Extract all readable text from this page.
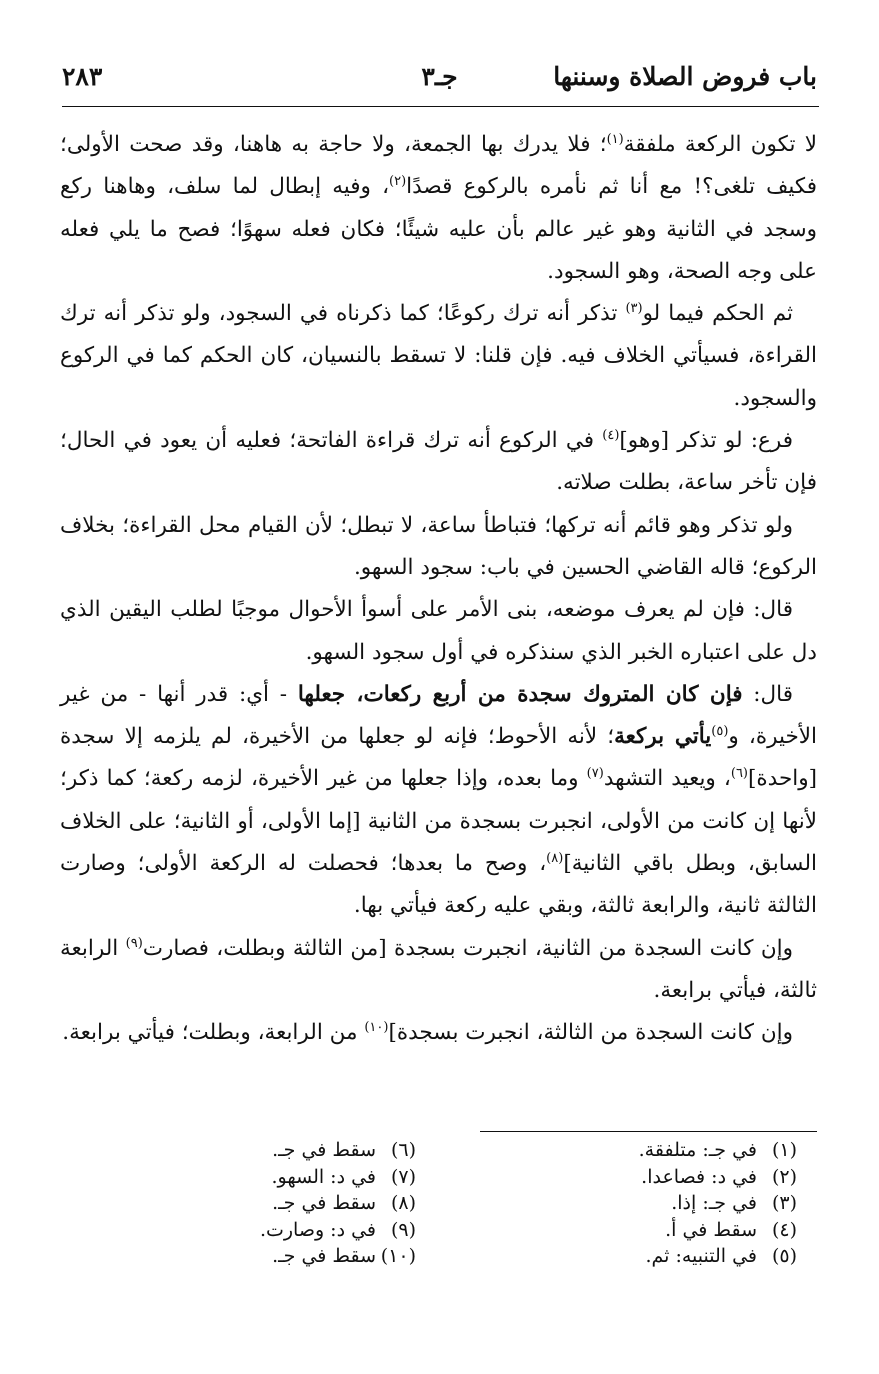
باب فروض الصلاة وسننها
جـ٣
٢٨٣

لا تكون الركعة ملفقة$^{(١)}$؛ فلا يدرك بها الجمعة، ولا حاجة به هاهنا، وقد صحت الأولى؛ فكيف تلغى؟! مع أنا ثم نأمره بالركوع قصدًا$^{(٢)}$، وفيه إبطال لما سلف، وهاهنا ركع وسجد في الثانية وهو غير عالم بأن عليه شيئًا؛ فكان فعله سهوًا؛ فصح ما يلي فعله على وجه الصحة، وهو السجود.

ثم الحكم فيما لو$^{(٣)}$ تذكر أنه ترك ركوعًا؛ كما ذكرناه في السجود، ولو تذكر أنه ترك القراءة، فسيأتي الخلاف فيه. فإن قلنا: لا تسقط بالنسيان، كان الحكم كما في الركوع والسجود.

فرع: لو تذكر [وهو]$^{(٤)}$ في الركوع أنه ترك قراءة الفاتحة؛ فعليه أن يعود في الحال؛ فإن تأخر ساعة، بطلت صلاته.

ولو تذكر وهو قائم أنه تركها؛ فتباطأ ساعة، لا تبطل؛ لأن القيام محل القراءة؛ بخلاف الركوع؛ قاله القاضي الحسين في باب: سجود السهو.

قال: فإن لم يعرف موضعه، بنى الأمر على أسوأ الأحوال موجبًا لطلب اليقين الذي دل على اعتباره الخبر الذي سنذكره في أول سجود السهو.

قال: فإن كان المتروك سجدة من أربع ركعات، جعلها - أي: قدر أنها - من غير الأخيرة، و$^{(٥)}$يأتي بركعة؛ لأنه الأحوط؛ فإنه لو جعلها من الأخيرة، لم يلزمه إلا سجدة [واحدة]$^{(٦)}$، ويعيد التشهد$^{(٧)}$ وما بعده، وإذا جعلها من غير الأخيرة، لزمه ركعة؛ كما ذكر؛ لأنها إن كانت من الأولى، انجبرت بسجدة من الثانية [إما الأولى، أو الثانية؛ على الخلاف السابق، وبطل باقي الثانية]$^{(٨)}$، وصح ما بعدها؛ فحصلت له الركعة الأولى؛ وصارت الثالثة ثانية، والرابعة ثالثة، وبقي عليه ركعة فيأتي بها.

وإن كانت السجدة من الثانية، انجبرت بسجدة [من الثالثة وبطلت، فصارت$^{(٩)}$ الرابعة ثالثة، فيأتي برابعة.

وإن كانت السجدة من الثالثة، انجبرت بسجدة]$^{(١٠)}$ من الرابعة، وبطلت؛ فيأتي برابعة.

(١)في جـ: متلفقة.
(٢)في د: فصاعدا.
(٣)في جـ: إذا.
(٤)سقط في أ.
(٥)في التنبيه: ثم.
(٦)سقط في جـ.
(٧)في د: السهو.
(٨)سقط في جـ.
(٩)في د: وصارت.
(١٠)سقط في جـ.
